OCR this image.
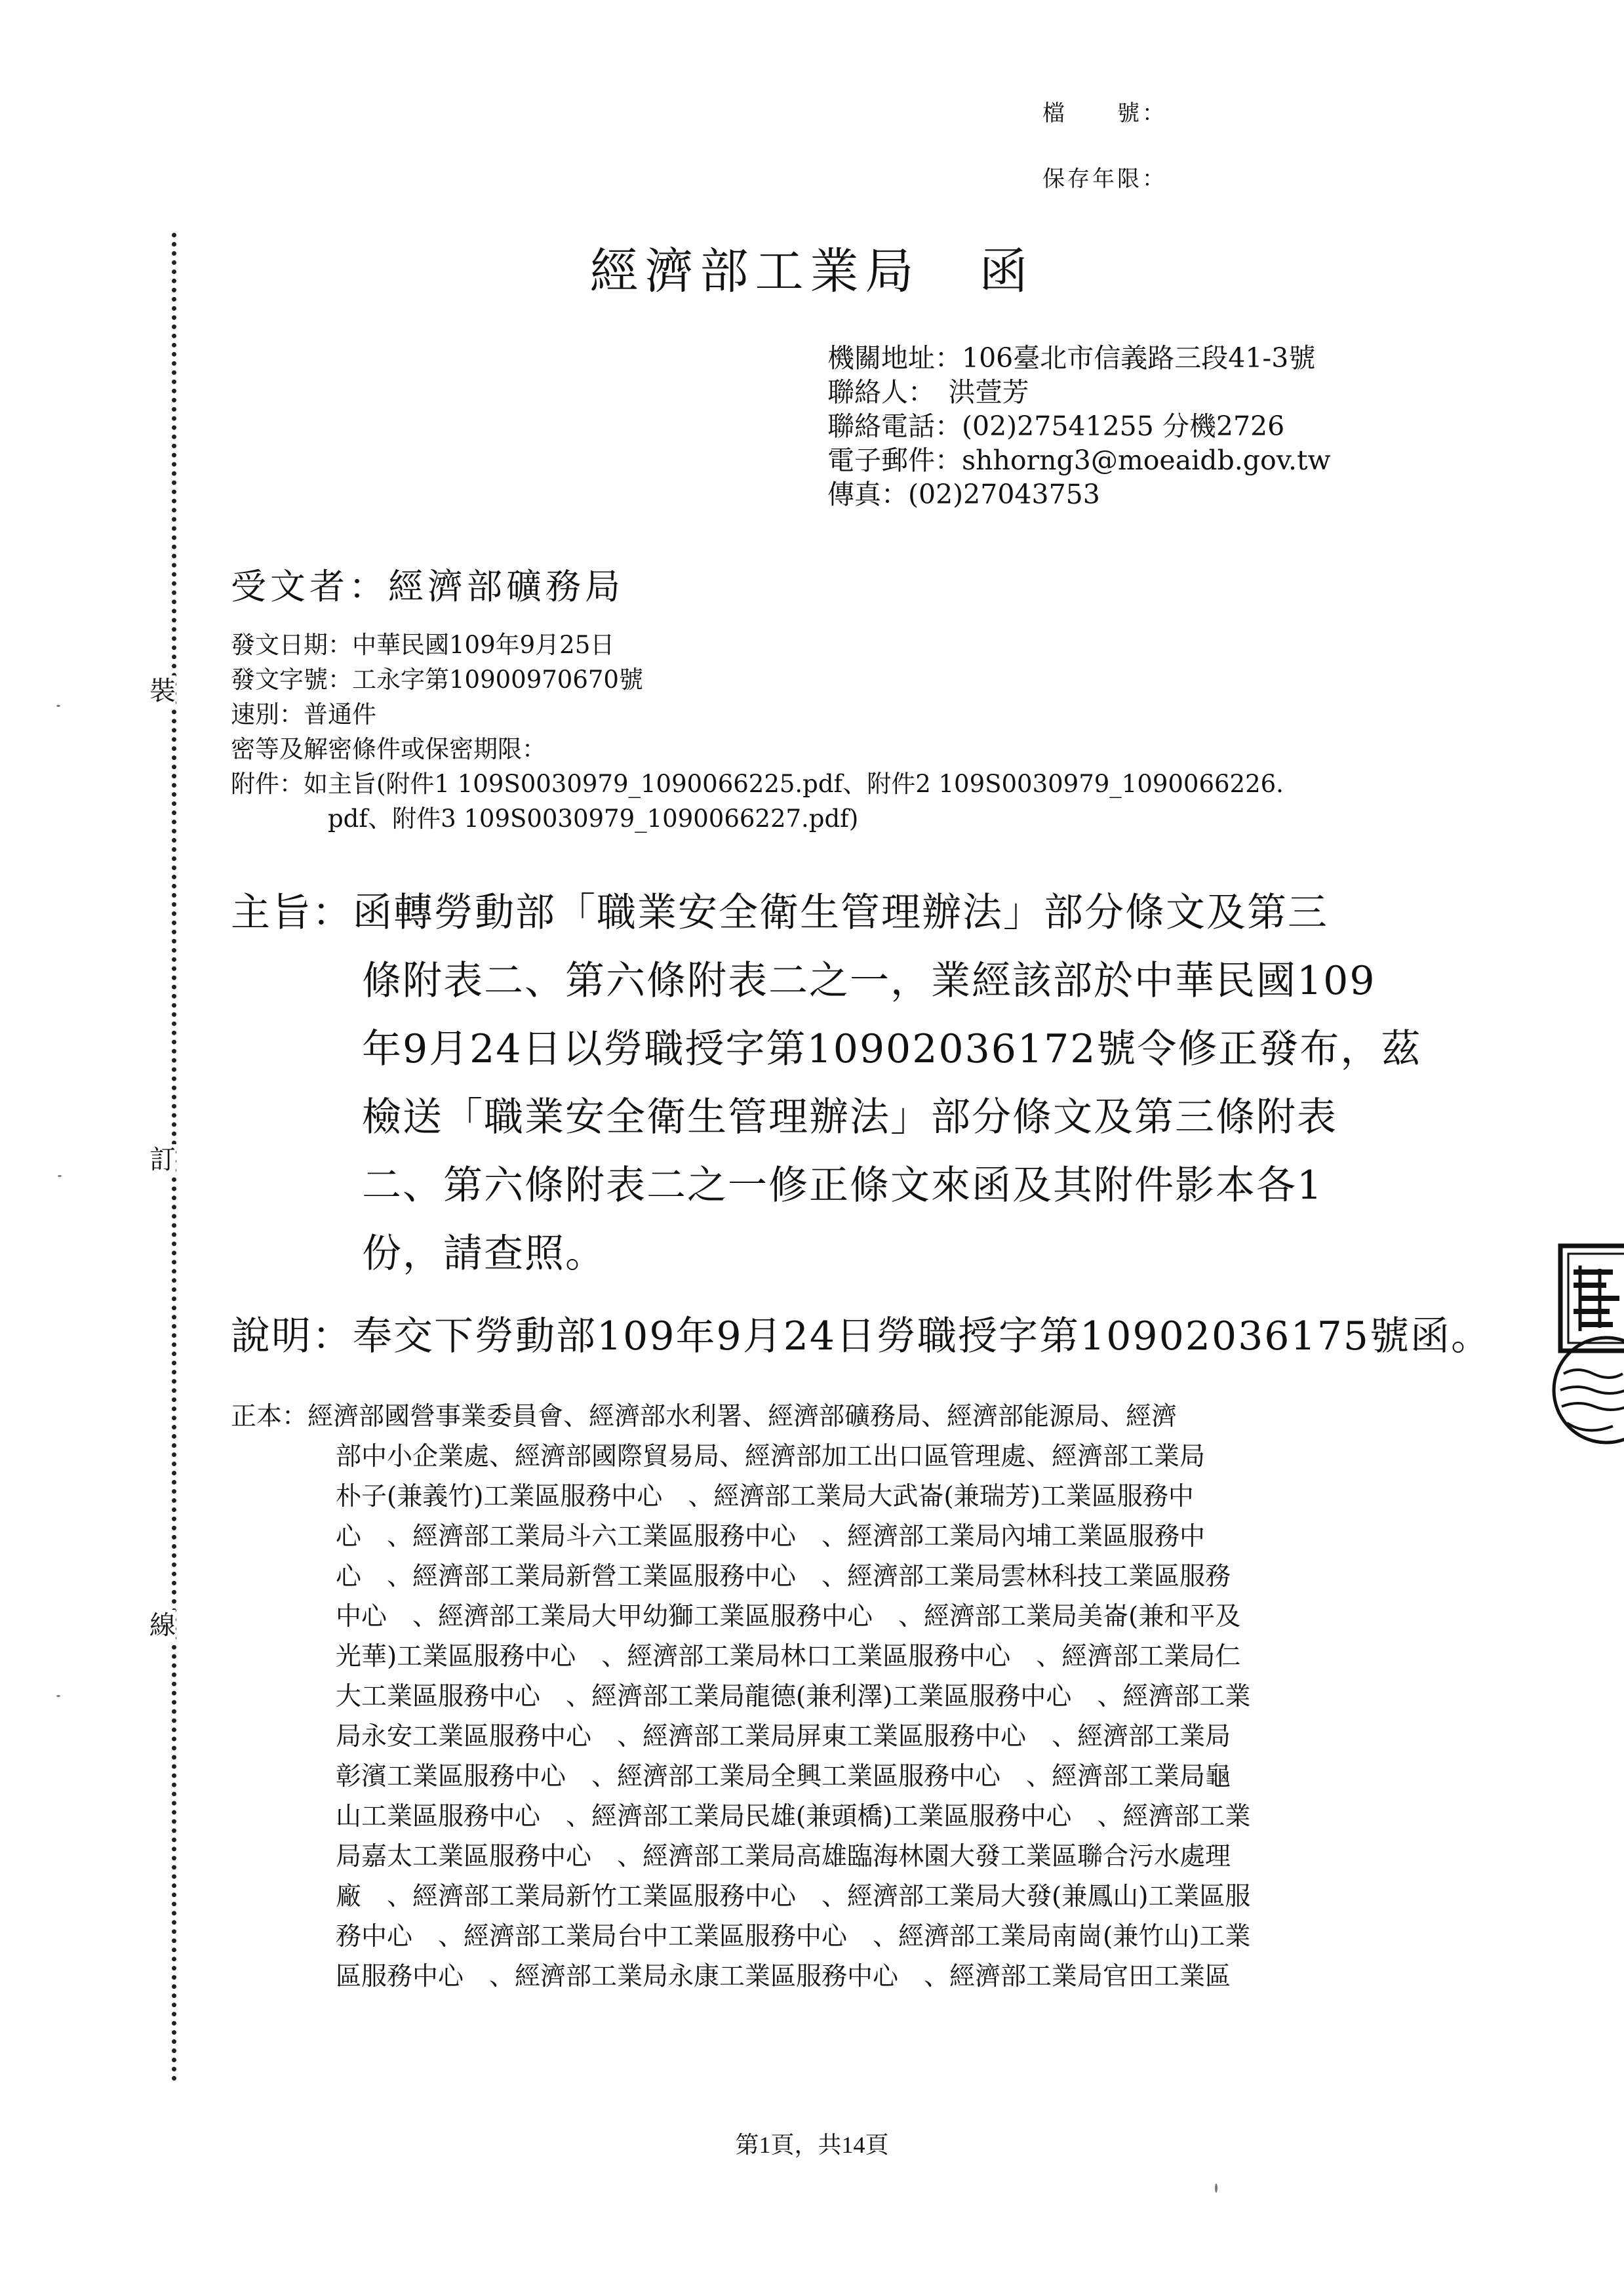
檔　　號：
保存年限：
裝
訂
線
經濟部工業局 函
機關地址：106臺北市信義路三段41-3號
聯絡人：　洪萱芳
聯絡電話：(02)27541255 分機2726
電子郵件：shhorng3@moeaidb.gov.tw
傳真：(02)27043753
受文者：經濟部礦務局
發文日期：中華民國109年9月25日
發文字號：工永字第10900970670號
速別：普通件
密等及解密條件或保密期限：
附件：如主旨(附件1 109S0030979_1090066225.pdf、附件2 109S0030979_1090066226.
pdf、附件3 109S0030979_1090066227.pdf)
主旨：函轉勞動部「職業安全衛生管理辦法」部分條文及第三
條附表二、第六條附表二之一，業經該部於中華民國109
年9月24日以勞職授字第10902036172號令修正發布，茲
檢送「職業安全衛生管理辦法」部分條文及第三條附表
二、第六條附表二之一修正條文來函及其附件影本各1
份，請查照。
說明：奉交下勞動部109年9月24日勞職授字第10902036175號函。
正本：經濟部國營事業委員會、經濟部水利署、經濟部礦務局、經濟部能源局、經濟
部中小企業處、經濟部國際貿易局、經濟部加工出口區管理處、經濟部工業局
朴子(兼義竹)工業區服務中心　、經濟部工業局大武崙(兼瑞芳)工業區服務中
心　、經濟部工業局斗六工業區服務中心　、經濟部工業局內埔工業區服務中
心　、經濟部工業局新營工業區服務中心　、經濟部工業局雲林科技工業區服務
中心　、經濟部工業局大甲幼獅工業區服務中心　、經濟部工業局美崙(兼和平及
光華)工業區服務中心　、經濟部工業局林口工業區服務中心　、經濟部工業局仁
大工業區服務中心　、經濟部工業局龍德(兼利澤)工業區服務中心　、經濟部工業
局永安工業區服務中心　、經濟部工業局屏東工業區服務中心　、經濟部工業局
彰濱工業區服務中心　、經濟部工業局全興工業區服務中心　、經濟部工業局龜
山工業區服務中心　、經濟部工業局民雄(兼頭橋)工業區服務中心　、經濟部工業
局嘉太工業區服務中心　、經濟部工業局高雄臨海林園大發工業區聯合污水處理
廠　、經濟部工業局新竹工業區服務中心　、經濟部工業局大發(兼鳳山)工業區服
務中心　、經濟部工業局台中工業區服務中心　、經濟部工業局南崗(兼竹山)工業
區服務中心　、經濟部工業局永康工業區服務中心　、經濟部工業局官田工業區
第1頁，共14頁
